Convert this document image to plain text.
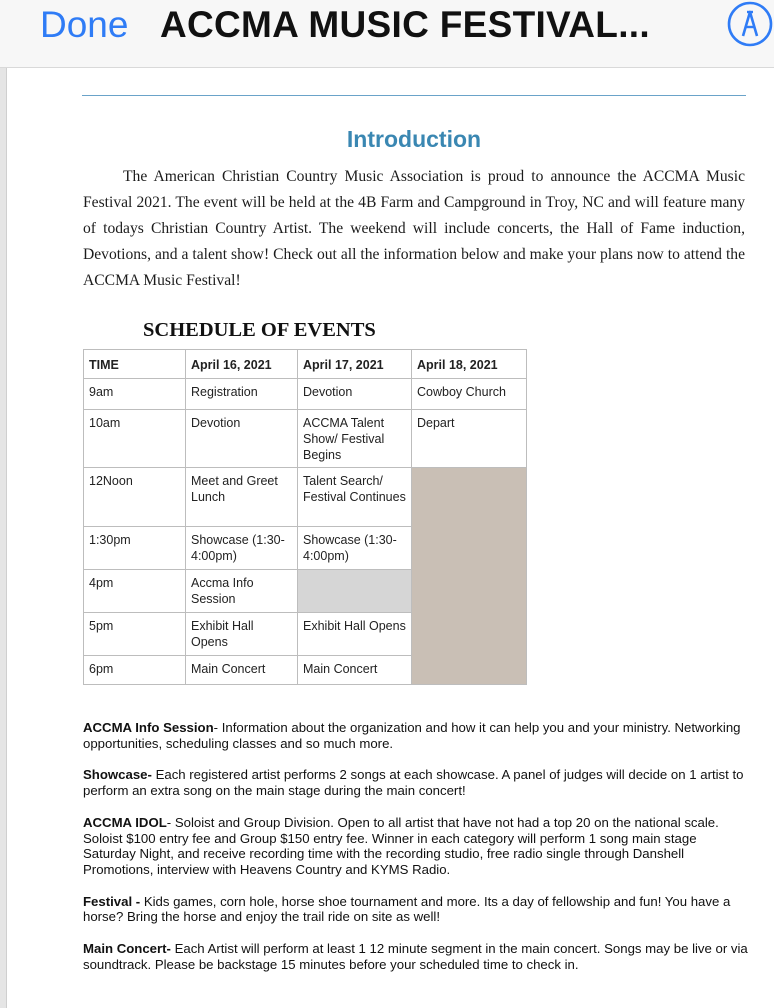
Done ACCMA MUSIC FESTIVAL...
Introduction
The American Christian Country Music Association is proud to announce the ACCMA Music Festival 2021. The event will be held at the 4B Farm and Campground in Troy, NC and will feature many of todays Christian Country Artist. The weekend will include concerts, the Hall of Fame induction, Devotions, and a talent show! Check out all the information below and make your plans now to attend the ACCMA Music Festival!
SCHEDULE OF EVENTS
TIME	April 16, 2021	April 17, 2021	April 18, 2021
9am	Registration	Devotion	Cowboy Church
10am	Devotion	ACCMA Talent Show/ Festival Begins	Depart
12Noon	Meet and Greet Lunch	Talent Search/ Festival Continues	
1:30pm	Showcase (1:30-4:00pm)	Showcase (1:30-4:00pm)	
4pm	Accma Info Session		
5pm	Exhibit Hall Opens	Exhibit Hall Opens	
6pm	Main Concert	Main Concert	

ACCMA Info Session- Information about the organization and how it can help you and your ministry. Networking opportunities, scheduling classes and so much more.

Showcase- Each registered artist performs 2 songs at each showcase. A panel of judges will decide on 1 artist to perform an extra song on the main stage during the main concert!

ACCMA IDOL- Soloist and Group Division. Open to all artist that have not had a top 20 on the national scale. Soloist $100 entry fee and Group $150 entry fee. Winner in each category will perform 1 song main stage Saturday Night, and receive recording time with the recording studio, free radio single through Danshell Promotions, interview with Heavens Country and KYMS Radio.

Festival - Kids games, corn hole, horse shoe tournament and more. Its a day of fellowship and fun! You have a horse? Bring the horse and enjoy the trail ride on site as well!

Main Concert- Each Artist will perform at least 1 12 minute segment in the main concert. Songs may be live or via soundtrack. Please be backstage 15 minutes before your scheduled time to check in.
